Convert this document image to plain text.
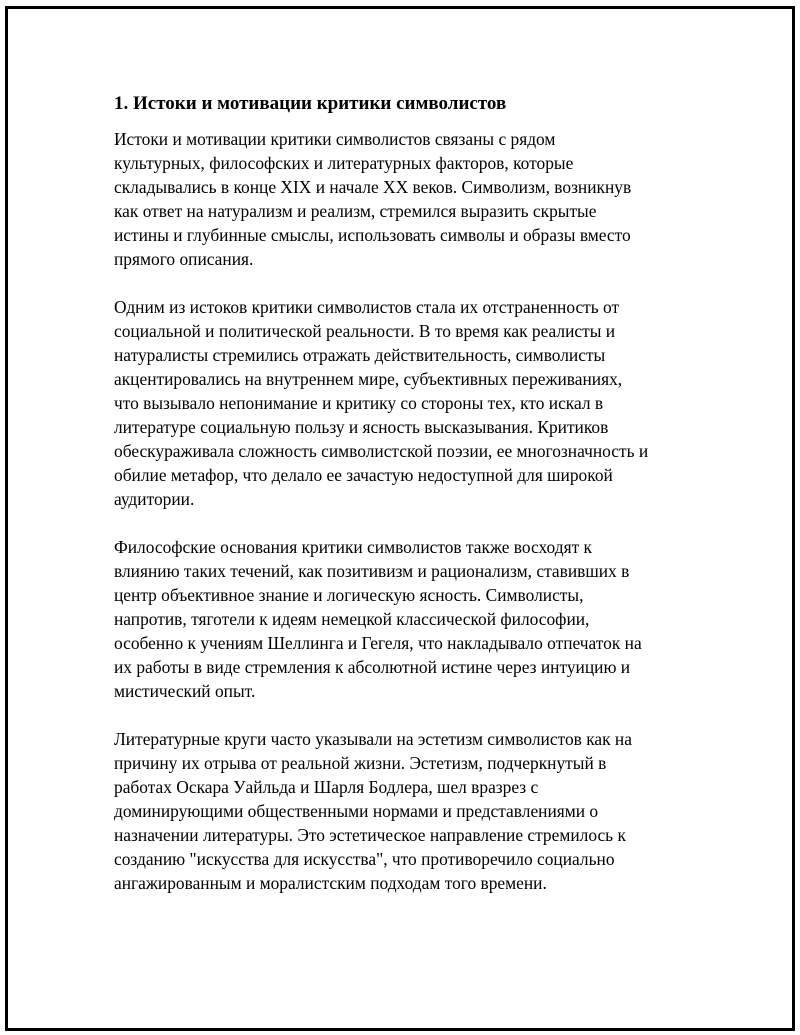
1. Истоки и мотивации критики символистов
Истоки и мотивации критики символистов связаны с рядом
культурных, философских и литературных факторов, которые
складывались в конце XIX и начале XX веков. Символизм, возникнув
как ответ на натурализм и реализм, стремился выразить скрытые
истины и глубинные смыслы, использовать символы и образы вместо
прямого описания.
Одним из истоков критики символистов стала их отстраненность от
социальной и политической реальности. В то время как реалисты и
натуралисты стремились отражать действительность, символисты
акцентировались на внутреннем мире, субъективных переживаниях,
что вызывало непонимание и критику со стороны тех, кто искал в
литературе социальную пользу и ясность высказывания. Критиков
обескураживала сложность символистской поэзии, ее многозначность и
обилие метафор, что делало ее зачастую недоступной для широкой
аудитории.
Философские основания критики символистов также восходят к
влиянию таких течений, как позитивизм и рационализм, ставивших в
центр объективное знание и логическую ясность. Символисты,
напротив, тяготели к идеям немецкой классической философии,
особенно к учениям Шеллинга и Гегеля, что накладывало отпечаток на
их работы в виде стремления к абсолютной истине через интуицию и
мистический опыт.
Литературные круги часто указывали на эстетизм символистов как на
причину их отрыва от реальной жизни. Эстетизм, подчеркнутый в
работах Оскара Уайльда и Шарля Бодлера, шел вразрез с
доминирующими общественными нормами и представлениями о
назначении литературы. Это эстетическое направление стремилось к
созданию "искусства для искусства", что противоречило социально
ангажированным и моралистским подходам того времени.
